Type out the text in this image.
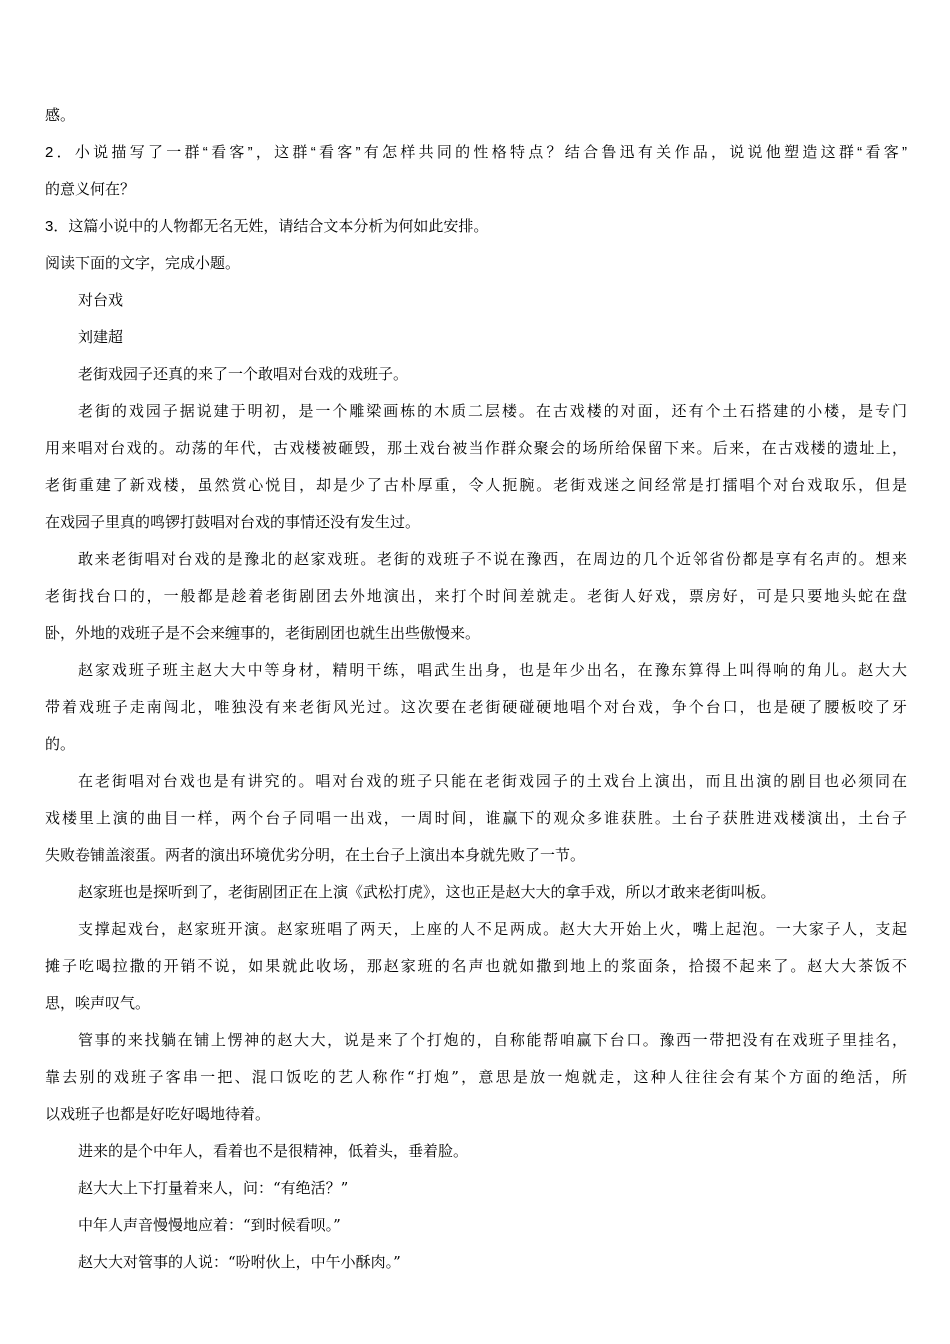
感。

2．小说描写了一群“看客”，这群“看客”有怎样共同的性格特点？结合鲁迅有关作品，说说他塑造这群“看客”

的意义何在？

3．这篇小说中的人物都无名无姓，请结合文本分析为何如此安排。

阅读下面的文字，完成小题。

对台戏

刘建超

老街戏园子还真的来了一个敢唱对台戏的戏班子。

老街的戏园子据说建于明初，是一个雕梁画栋的木质二层楼。在古戏楼的对面，还有个土石搭建的小楼，是专门

用来唱对台戏的。动荡的年代，古戏楼被砸毁，那土戏台被当作群众聚会的场所给保留下来。后来，在古戏楼的遗址上，

老街重建了新戏楼，虽然赏心悦目，却是少了古朴厚重，令人扼腕。老街戏迷之间经常是打擂唱个对台戏取乐，但是

在戏园子里真的鸣锣打鼓唱对台戏的事情还没有发生过。

敢来老街唱对台戏的是豫北的赵家戏班。老街的戏班子不说在豫西，在周边的几个近邻省份都是享有名声的。想来

老街找台口的，一般都是趁着老街剧团去外地演出，来打个时间差就走。老街人好戏，票房好，可是只要地头蛇在盘

卧，外地的戏班子是不会来缠事的，老街剧团也就生出些傲慢来。

赵家戏班子班主赵大大中等身材，精明干练，唱武生出身，也是年少出名，在豫东算得上叫得响的角儿。赵大大

带着戏班子走南闯北，唯独没有来老街风光过。这次要在老街硬碰硬地唱个对台戏，争个台口，也是硬了腰板咬了牙

的。

在老街唱对台戏也是有讲究的。唱对台戏的班子只能在老街戏园子的土戏台上演出，而且出演的剧目也必须同在

戏楼里上演的曲目一样，两个台子同唱一出戏，一周时间，谁赢下的观众多谁获胜。土台子获胜进戏楼演出，土台子

失败卷铺盖滚蛋。两者的演出环境优劣分明，在土台子上演出本身就先败了一节。

赵家班也是探听到了，老街剧团正在上演《武松打虎》，这也正是赵大大的拿手戏，所以才敢来老街叫板。

支撑起戏台，赵家班开演。赵家班唱了两天，上座的人不足两成。赵大大开始上火，嘴上起泡。一大家子人，支起

摊子吃喝拉撒的开销不说，如果就此收场，那赵家班的名声也就如撒到地上的浆面条，拾掇不起来了。赵大大茶饭不

思，唉声叹气。

管事的来找躺在铺上愣神的赵大大，说是来了个打炮的，自称能帮咱赢下台口。豫西一带把没有在戏班子里挂名，

靠去别的戏班子客串一把、混口饭吃的艺人称作“打炮”，意思是放一炮就走，这种人往往会有某个方面的绝活，所

以戏班子也都是好吃好喝地待着。

进来的是个中年人，看着也不是很精神，低着头，垂着脸。

赵大大上下打量着来人，问：“有绝活？”

中年人声音慢慢地应着：“到时候看呗。”

赵大大对管事的人说：“吩咐伙上，中午小酥肉。”
